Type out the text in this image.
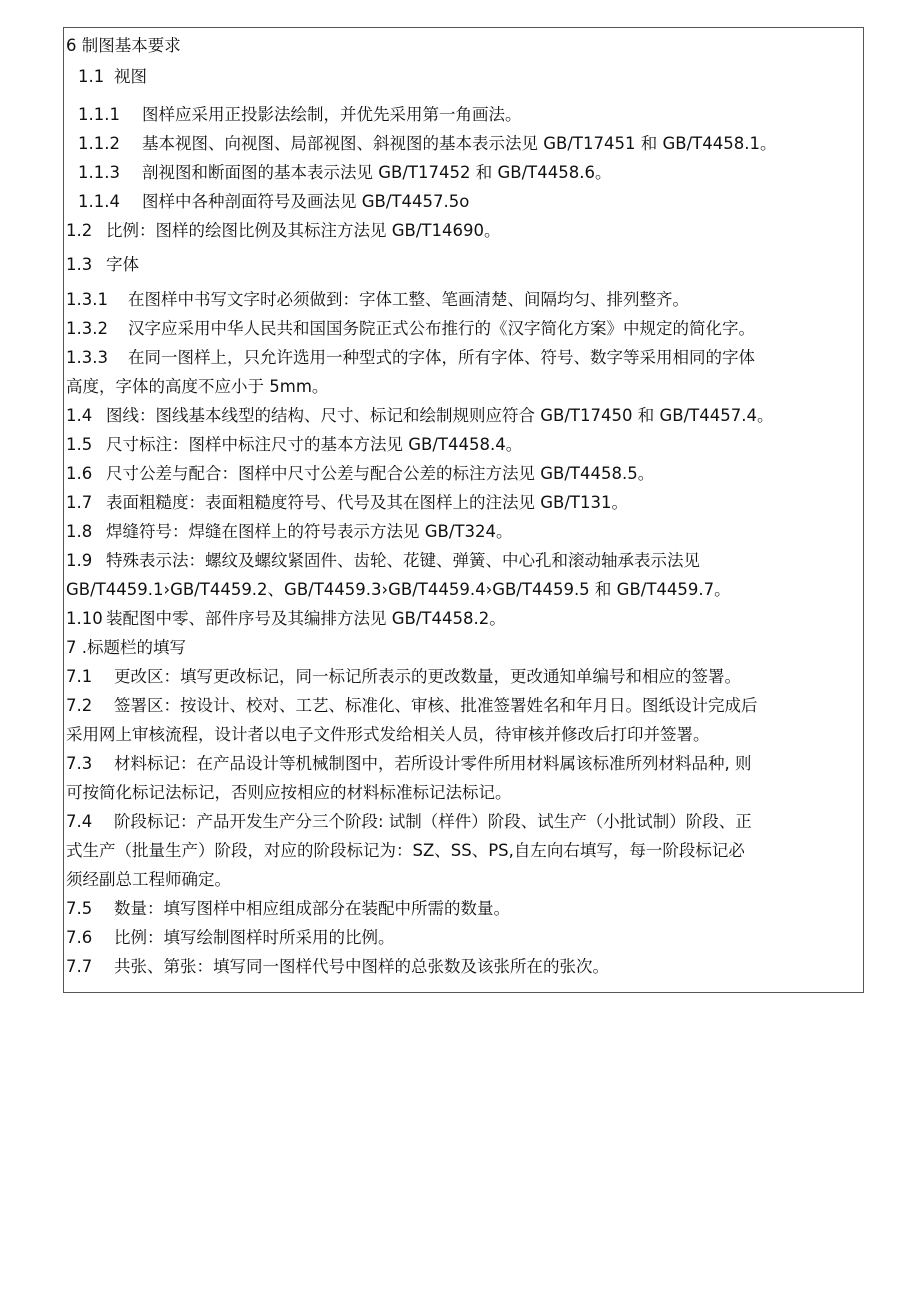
6 制图基本要求
1.1 视图
1.1.1 图样应采用正投影法绘制，并优先采用第一角画法。
1.1.2 基本视图、向视图、局部视图、斜视图的基本表示法见 GB/T17451 和 GB/T4458.1。
1.1.3 剖视图和断面图的基本表示法见 GB/T17452 和 GB/T4458.6。
1.1.4 图样中各种剖面符号及画法见 GB/T4457.5o
1.2 比例：图样的绘图比例及其标注方法见 GB/T14690。
1.3 字体
1.3.1 在图样中书写文字时必须做到：字体工整、笔画清楚、间隔均匀、排列整齐。
1.3.2 汉字应采用中华人民共和国国务院正式公布推行的《汉字简化方案》中规定的简化字。
1.3.3 在同一图样上，只允许选用一种型式的字体，所有字体、符号、数字等采用相同的字体
高度，字体的高度不应小于 5mm。
1.4 图线：图线基本线型的结构、尺寸、标记和绘制规则应符合 GB/T17450 和 GB/T4457.4。
1.5 尺寸标注：图样中标注尺寸的基本方法见 GB/T4458.4。
1.6 尺寸公差与配合：图样中尺寸公差与配合公差的标注方法见 GB/T4458.5。
1.7 表面粗糙度：表面粗糙度符号、代号及其在图样上的注法见 GB/T131。
1.8 焊缝符号：焊缝在图样上的符号表示方法见 GB/T324。
1.9 特殊表示法：螺纹及螺纹紧固件、齿轮、花键、弹簧、中心孔和滚动轴承表示法见
GB/T4459.1›GB/T4459.2、GB/T4459.3›GB/T4459.4›GB/T4459.5 和 GB/T4459.7。
1.10 装配图中零、部件序号及其编排方法见 GB/T4458.2。
7 .标题栏的填写
7.1 更改区：填写更改标记，同一标记所表示的更改数量，更改通知单编号和相应的签署。
7.2 签署区：按设计、校对、工艺、标准化、审核、批准签署姓名和年月日。图纸设计完成后
采用网上审核流程，设计者以电子文件形式发给相关人员，待审核并修改后打印并签署。
7.3 材料标记：在产品设计等机械制图中，若所设计零件所用材料属该标准所列材料品种, 则
可按简化标记法标记，否则应按相应的材料标准标记法标记。
7.4 阶段标记：产品开发生产分三个阶段: 试制（样件）阶段、试生产（小批试制）阶段、正
式生产（批量生产）阶段，对应的阶段标记为：SZ、SS、PS,自左向右填写，每一阶段标记必
须经副总工程师确定。
7.5 数量：填写图样中相应组成部分在装配中所需的数量。
7.6 比例：填写绘制图样时所采用的比例。
7.7 共张、第张：填写同一图样代号中图样的总张数及该张所在的张次。
